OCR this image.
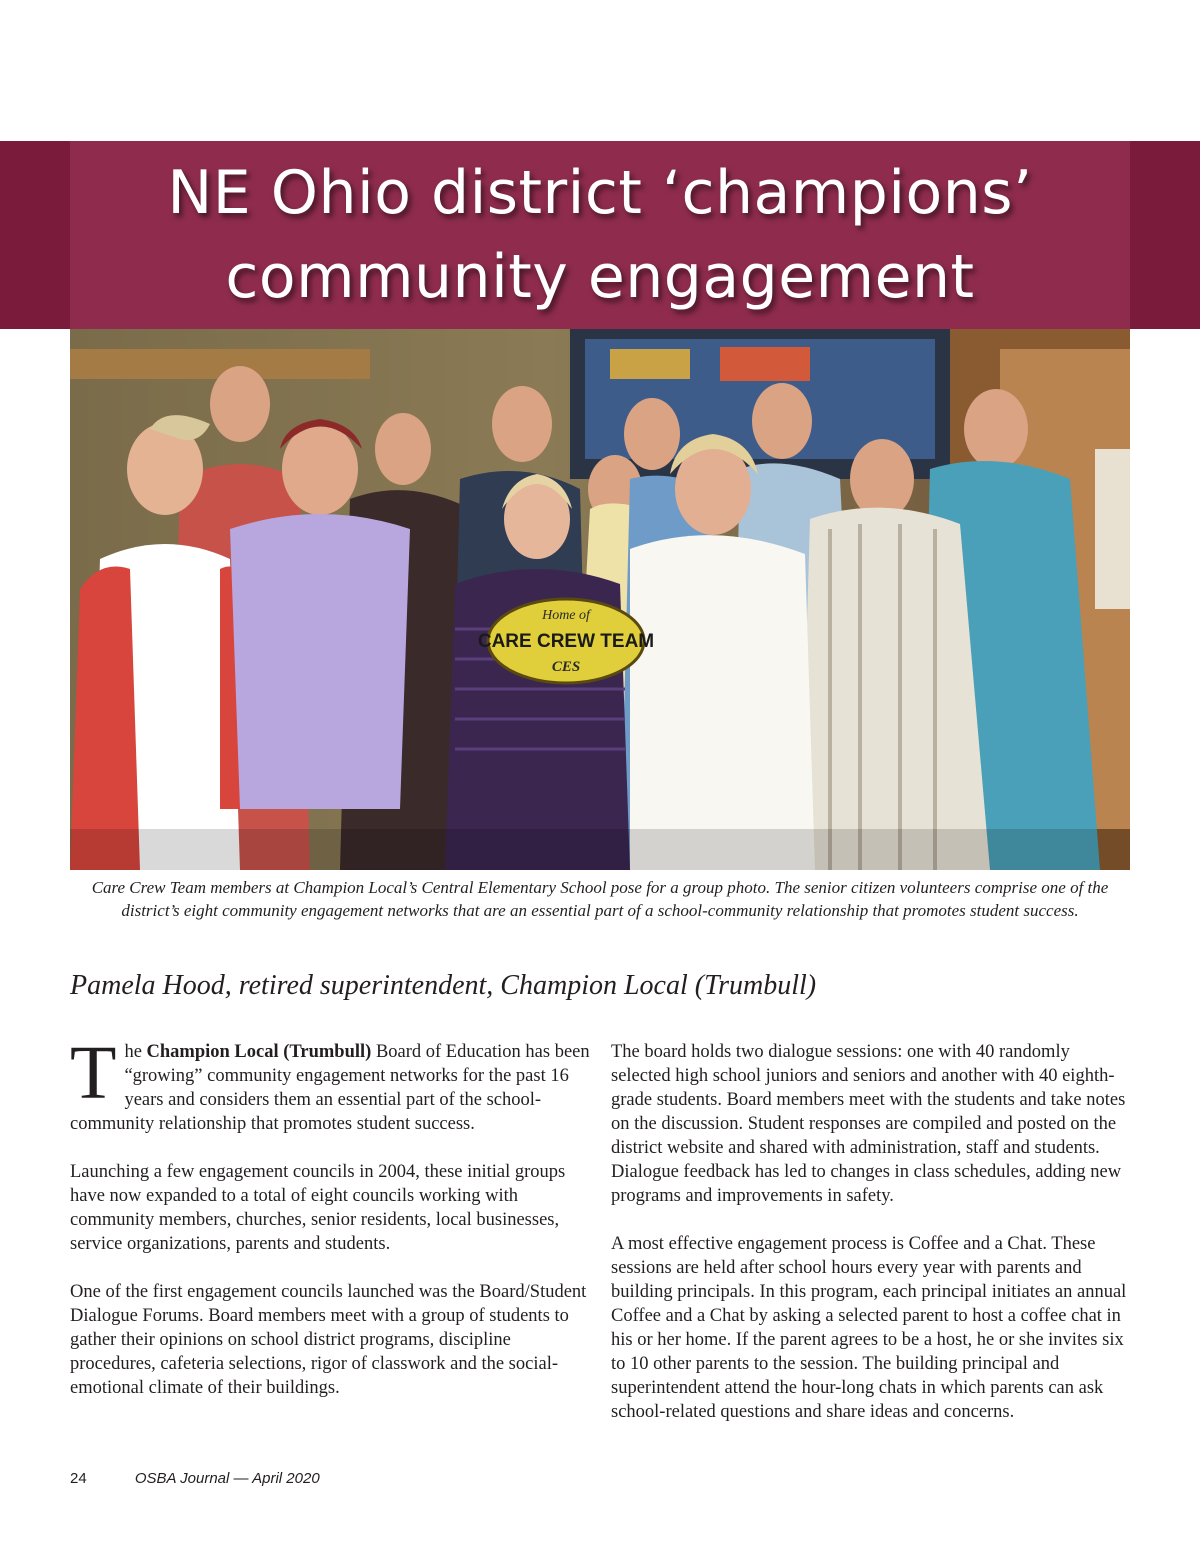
NE Ohio district ‘champions’
community engagement
Home of
CARE CREW TEAM
CES

Care Crew Team members at Champion Local’s Central Elementary School pose for a group photo. The senior citizen volunteers comprise one of the district’s eight community engagement networks that are an essential part of a school-community relationship that promotes student success.

Pamela Hood, retired superintendent, Champion Local (Trumbull)

The Champion Local (Trumbull) Board of Education has been “growing” community engagement networks for the past 16 years and considers them an essential part of the school-community relationship that promotes student success.

Launching a few engagement councils in 2004, these initial groups have now expanded to a total of eight councils working with community members, churches, senior residents, local businesses, service organizations, parents and students.

One of the first engagement councils launched was the Board/Student Dialogue Forums. Board members meet with a group of students to gather their opinions on school district programs, discipline procedures, cafeteria selections, rigor of classwork and the social-emotional climate of their buildings.

The board holds two dialogue sessions: one with 40 randomly selected high school juniors and seniors and another with 40 eighth-grade students. Board members meet with the students and take notes on the discussion. Student responses are compiled and posted on the district website and shared with administration, staff and students. Dialogue feedback has led to changes in class schedules, adding new programs and improvements in safety.

A most effective engagement process is Coffee and a Chat. These sessions are held after school hours every year with parents and building principals. In this program, each principal initiates an annual Coffee and a Chat by asking a selected parent to host a coffee chat in his or her home. If the parent agrees to be a host, he or she invites six to 10 other parents to the session. The building principal and superintendent attend the hour-long chats in which parents can ask school-related questions and share ideas and concerns.

24	OSBA Journal — April 2020
